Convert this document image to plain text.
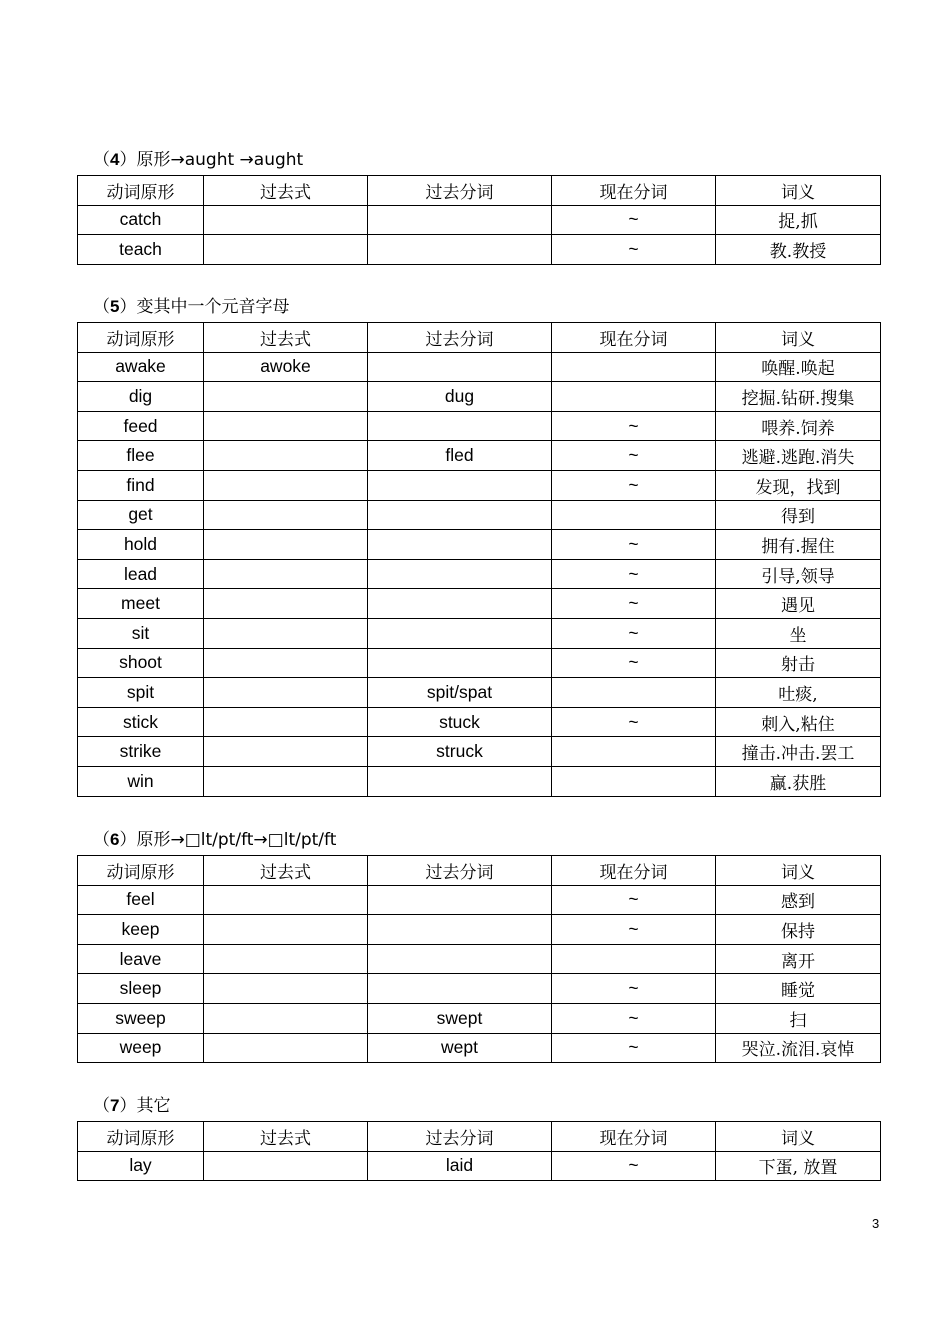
（4）原形→aught →aught
动词原形	过去式	过去分词	现在分词	词义
catch			~	捉,抓
teach			~	教.教授
（5）变其中一个元音字母
动词原形	过去式	过去分词	现在分词	词义
awake	awoke			唤醒.唤起
dig		dug		挖掘.钻研.搜集
feed			~	喂养.饲养
flee		fled	~	逃避.逃跑.消失
find			~	发现，找到
get				得到
hold			~	拥有.握住
lead			~	引导,领导
meet			~	遇见
sit			~	坐
shoot			~	射击
spit		spit/spat		吐痰,
stick		stuck	~	刺入,粘住
strike		struck		撞击.冲击.罢工
win				赢.获胜
（6）原形→□lt/pt/ft→□lt/pt/ft
动词原形	过去式	过去分词	现在分词	词义
feel			~	感到
keep			~	保持
leave				离开
sleep			~	睡觉
sweep		swept	~	扫
weep		wept	~	哭泣.流泪.哀悼
（7）其它
动词原形	过去式	过去分词	现在分词	词义
lay		laid	~	下蛋, 放置
3
